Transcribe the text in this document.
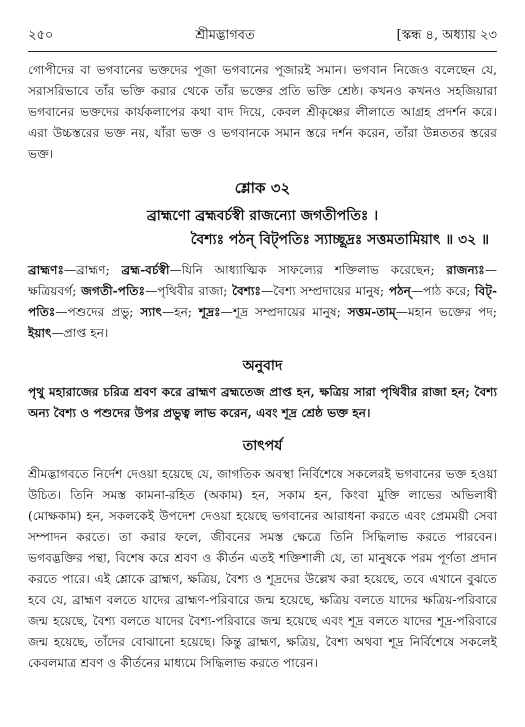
২৫০	শ্রীমদ্ভাগবত	[স্কন্ধ ৪, অধ্যায় ২৩

গোপীদের বা ভগবানের ভক্তদের পূজা ভগবানের পূজারই সমান। ভগবান নিজেও বলেছেন যে, সরাসরিভাবে তাঁর ভক্তি করার থেকে তাঁর ভক্তের প্রতি ভক্তি শ্রেষ্ঠ। কখনও কখনও সহজিয়ারা ভগবানের ভক্তদের কার্যকলাপের কথা বাদ দিয়ে, কেবল শ্রীকৃষ্ণের লীলাতে আগ্রহ প্রদর্শন করে। এরা উচ্চস্তরের ভক্ত নয়, যাঁরা ভক্ত ও ভগবানকে সমান স্তরে দর্শন করেন, তাঁরা উন্নততর স্তরের ভক্ত।

শ্লোক ৩২
ব্রাহ্মণো ব্রহ্মবর্চস্বী রাজন্যো জগতীপতিঃ ।
বৈশ্যঃ পঠন্ বিট্‌পতিঃ স্যাচ্ছূদ্রঃ সত্তমতামিয়াৎ ॥ ৩২ ॥

ব্রাহ্মণঃ—ব্রাহ্মণ; ব্রহ্ম-বর্চস্বী—যিনি আধ্যাত্মিক সাফল্যের শক্তিলাভ করেছেন; রাজন্যঃ—ক্ষত্রিয়বর্গ; জগতী-পতিঃ—পৃথিবীর রাজা; বৈশ্যঃ—বৈশ্য সম্প্রদায়ের মানুষ; পঠন্—পাঠ করে; বিট্-পতিঃ—পশুদের প্রভু; স্যাৎ—হন; শূদ্রঃ—শূদ্র সম্প্রদায়ের মানুষ; সত্তম-তাম্—মহান ভক্তের পদ; ইয়াৎ—প্রাপ্ত হন।

অনুবাদ

পৃথু মহারাজের চরিত্র শ্রবণ করে ব্রাহ্মণ ব্রহ্মতেজ প্রাপ্ত হন, ক্ষত্রিয় সারা পৃথিবীর রাজা হন; বৈশ্য অন্য বৈশ্য ও পশুদের উপর প্রভুত্ব লাভ করেন, এবং শূদ্র শ্রেষ্ঠ ভক্ত হন।

তাৎপর্য

শ্রীমদ্ভাগবতে নির্দেশ দেওয়া হয়েছে যে, জাগতিক অবস্থা নির্বিশেষে সকলেরই ভগবানের ভক্ত হওয়া উচিত। তিনি সমস্ত কামনা-রহিত (অকাম) হন, সকাম হন, কিংবা মুক্তি লাভের অভিলাষী (মোক্ষকাম) হন, সকলকেই উপদেশ দেওয়া হয়েছে ভগবানের আরাধনা করতে এবং প্রেমময়ী সেবা সম্পাদন করতে। তা করার ফলে, জীবনের সমস্ত ক্ষেত্রে তিনি সিদ্ধিলাভ করতে পারবেন। ভগবদ্ভক্তির পন্থা, বিশেষ করে শ্রবণ ও কীর্তন এতই শক্তিশালী যে, তা মানুষকে পরম পূর্ণতা প্রদান করতে পারে। এই শ্লোকে ব্রাহ্মণ, ক্ষত্রিয়, বৈশ্য ও শূদ্রদের উল্লেখ করা হয়েছে, তবে এখানে বুঝতে হবে যে, ব্রাহ্মণ বলতে যাদের ব্রাহ্মণ-পরিবারে জন্ম হয়েছে, ক্ষত্রিয় বলতে যাদের ক্ষত্রিয়-পরিবারে জন্ম হয়েছে, বৈশ্য বলতে যাদের বৈশ্য-পরিবারে জন্ম হয়েছে এবং শূদ্র বলতে যাদের শূদ্র-পরিবারে জন্ম হয়েছে, তাঁদের বোঝানো হয়েছে। কিন্তু ব্রাহ্মণ, ক্ষত্রিয়, বৈশ্য অথবা শূদ্র নির্বিশেষে সকলেই কেবলমাত্র শ্রবণ ও কীর্তনের মাধ্যমে সিদ্ধিলাভ করতে পারেন।
